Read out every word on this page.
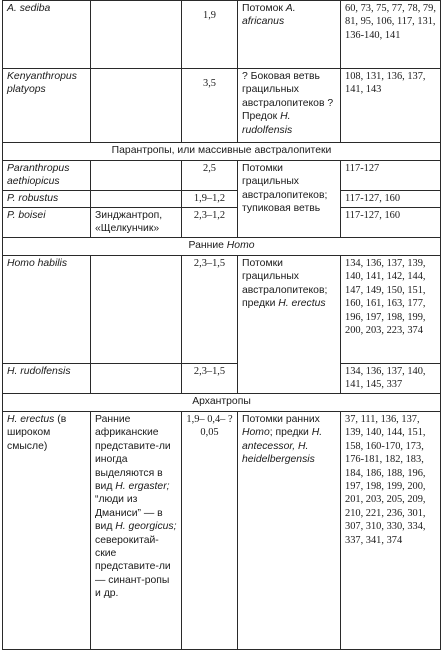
A. sediba		1,9	Потомок A. africanus	60, 73, 75, 77, 78, 79, 81, 95, 106, 117, 131, 136-140, 141
Kenyanthropus platyops		3,5	? Боковая ветвь грацильных австралопитеков ? Предок H. rudolfensis	108, 131, 136, 137, 141, 143
Парантропы, или массивные австралопитеки				
Paranthropus aethiopicus		2,5	Потомки грацильных австралопитеков; тупиковая ветвь	117-127
P. robustus		1,9–1,2		117-127, 160
P. boisei	Зинджантроп, «Щелкунчик»	2,3–1,2		117-127, 160
Ранние Homo				
Homo habilis		2,3–1,5	Потомки грацильных австралопитеков; предки H. erectus	134, 136, 137, 139, 140, 141, 142, 144, 147, 149, 150, 151, 160, 161, 163, 177, 196, 197, 198, 199, 200, 203, 223, 374
H. rudolfensis		2,3–1,5		134, 136, 137, 140, 141, 145, 337
Архантропы				
H. erectus (в широком смысле)	Ранние африканские представите-ли иногда выделяются в вид H. ergaster; “люди из Дманиси” — в вид H. georgicus; северокитай-ские представите-ли — синант-ропы и др.	1,9– 0,4– ?0,05	Потомки ранних Homo; предки H. antecessor, H. heidelbergensis	37, 111, 136, 137, 139, 140, 144, 151, 158, 160-170, 173, 176-181, 182, 183, 184, 186, 188, 196, 197, 198, 199, 200, 201, 203, 205, 209, 210, 221, 236, 301, 307, 310, 330, 334, 337, 341, 374
